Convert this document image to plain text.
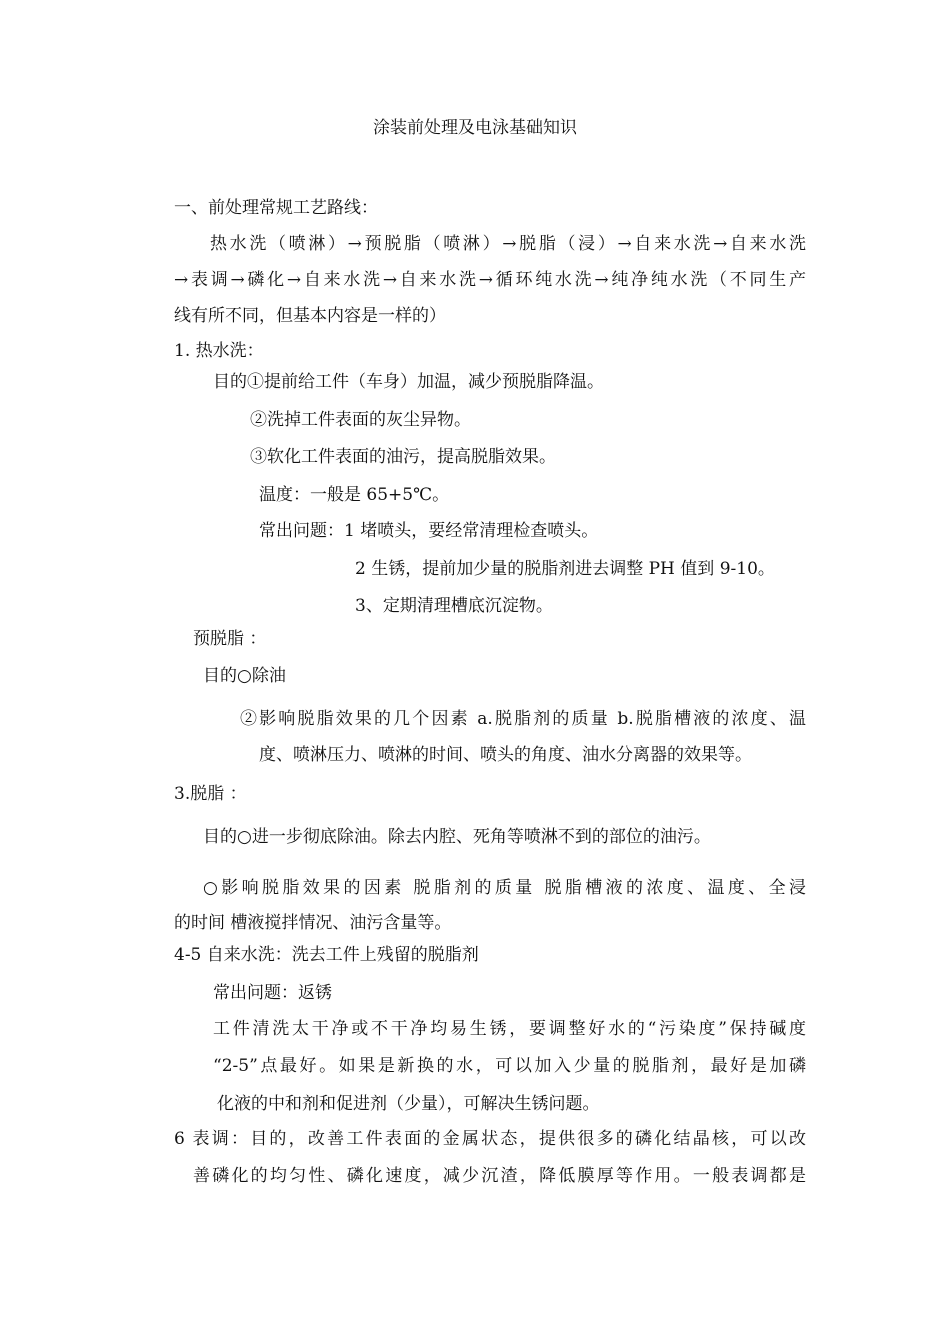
涂装前处理及电泳基础知识
一、前处理常规工艺路线：
热水洗（喷淋）→预脱脂（喷淋）→脱脂（浸）→自来水洗→自来水洗
→表调→磷化→自来水洗→自来水洗→循环纯水洗→纯净纯水洗（不同生产
线有所不同，但基本内容是一样的）
1. 热水洗：
目的①提前给工件（车身）加温，减少预脱脂降温。
②洗掉工件表面的灰尘异物。
③软化工件表面的油污，提高脱脂效果。
温度：一般是 65+5℃。
常出问题：1 堵喷头，要经常清理检查喷头。
2 生锈，提前加少量的脱脂剂进去调整 PH 值到 9-10。
3、定期清理槽底沉淀物。
预脱脂 ：
目的○除油
②影响脱脂效果的几个因素 a.脱脂剂的质量 b.脱脂槽液的浓度、温
度、喷淋压力、喷淋的时间、喷头的角度、油水分离器的效果等。
3.脱脂 ：
目的○进一步彻底除油。除去内腔、死角等喷淋不到的部位的油污。
○影响脱脂效果的因素 脱脂剂的质量 脱脂槽液的浓度、温度、全浸
的时间 槽液搅拌情况、油污含量等。
4-5 自来水洗：洗去工件上残留的脱脂剂
常出问题：返锈
工件清洗太干净或不干净均易生锈，要调整好水的“污染度”保持碱度
“2-5”点最好。如果是新换的水，可以加入少量的脱脂剂，最好是加磷
化液的中和剂和促进剂（少量），可解决生锈问题。
6 表调：目的，改善工件表面的金属状态，提供很多的磷化结晶核，可以改
善磷化的均匀性、磷化速度，减少沉渣，降低膜厚等作用。一般表调都是
